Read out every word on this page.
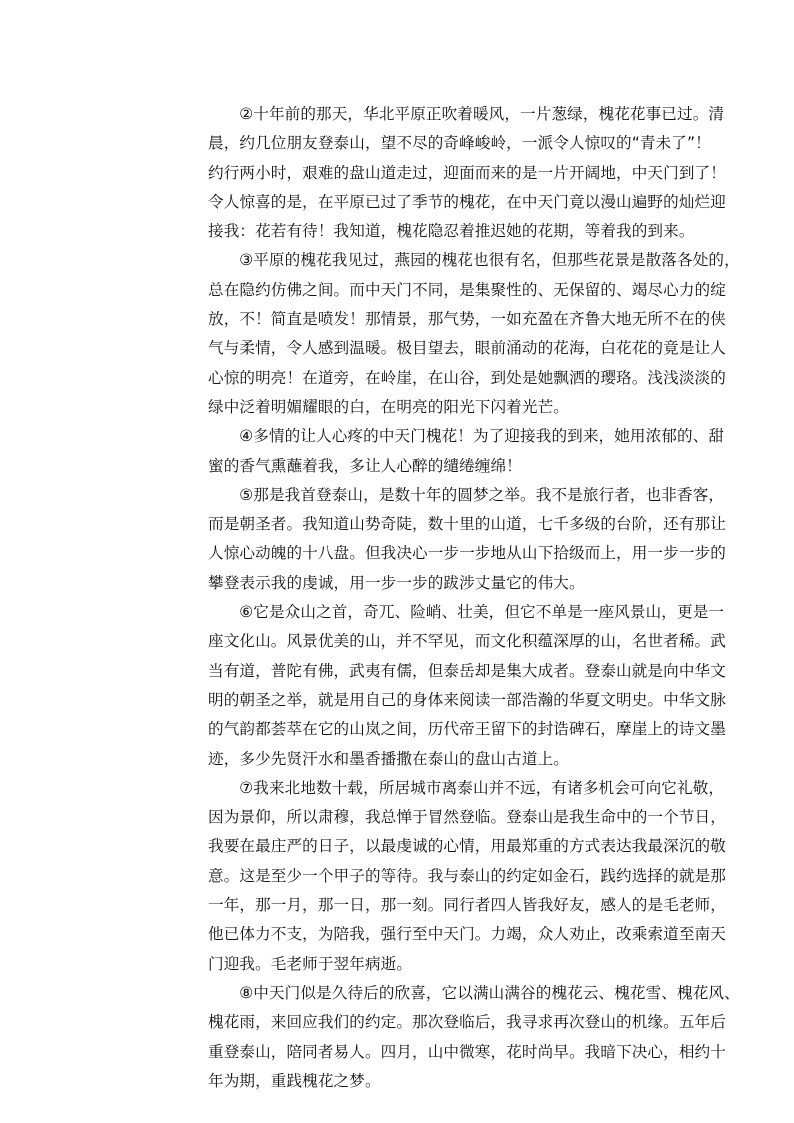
②十年前的那天，华北平原正吹着暖风，一片葱绿，槐花花事已过。清
晨，约几位朋友登泰山，望不尽的奇峰峻岭，一派令人惊叹的“青未了”！
约行两小时，艰难的盘山道走过，迎面而来的是一片开阔地，中天门到了！
令人惊喜的是，在平原已过了季节的槐花，在中天门竟以漫山遍野的灿烂迎
接我：花若有待！我知道，槐花隐忍着推迟她的花期，等着我的到来。
③平原的槐花我见过，燕园的槐花也很有名，但那些花景是散落各处的，
总在隐约仿佛之间。而中天门不同，是集聚性的、无保留的、竭尽心力的绽
放，不！简直是喷发！那情景，那气势，一如充盈在齐鲁大地无所不在的侠
气与柔情，令人感到温暖。极目望去，眼前涌动的花海，白花花的竟是让人
心惊的明亮！在道旁，在岭崖，在山谷，到处是她飘洒的璎珞。浅浅淡淡的
绿中泛着明媚耀眼的白，在明亮的阳光下闪着光芒。
④多情的让人心疼的中天门槐花！为了迎接我的到来，她用浓郁的、甜
蜜的香气熏蘸着我，多让人心醉的缱绻缠绵！
⑤那是我首登泰山，是数十年的圆梦之举。我不是旅行者，也非香客，
而是朝圣者。我知道山势奇陡，数十里的山道，七千多级的台阶，还有那让
人惊心动魄的十八盘。但我决心一步一步地从山下拾级而上，用一步一步的
攀登表示我的虔诚，用一步一步的跋涉丈量它的伟大。
⑥它是众山之首，奇兀、险峭、壮美，但它不单是一座风景山，更是一
座文化山。风景优美的山，并不罕见，而文化积蕴深厚的山，名世者稀。武
当有道，普陀有佛，武夷有儒，但泰岳却是集大成者。登泰山就是向中华文
明的朝圣之举，就是用自己的身体来阅读一部浩瀚的华夏文明史。中华文脉
的气韵都荟萃在它的山岚之间，历代帝王留下的封诰碑石，摩崖上的诗文墨
迹，多少先贤汗水和墨香播撒在泰山的盘山古道上。
⑦我来北地数十载，所居城市离泰山并不远，有诸多机会可向它礼敬，
因为景仰，所以肃穆，我总惮于冒然登临。登泰山是我生命中的一个节日，
我要在最庄严的日子，以最虔诚的心情，用最郑重的方式表达我最深沉的敬
意。这是至少一个甲子的等待。我与泰山的约定如金石，践约选择的就是那
一年，那一月，那一日，那一刻。同行者四人皆我好友，感人的是毛老师，
他已体力不支，为陪我，强行至中天门。力竭，众人劝止，改乘索道至南天
门迎我。毛老师于翌年病逝。
⑧中天门似是久待后的欣喜，它以满山满谷的槐花云、槐花雪、槐花风、
槐花雨，来回应我们的约定。那次登临后，我寻求再次登山的机缘。五年后
重登泰山，陪同者易人。四月，山中微寒，花时尚早。我暗下决心，相约十
年为期，重践槐花之梦。
